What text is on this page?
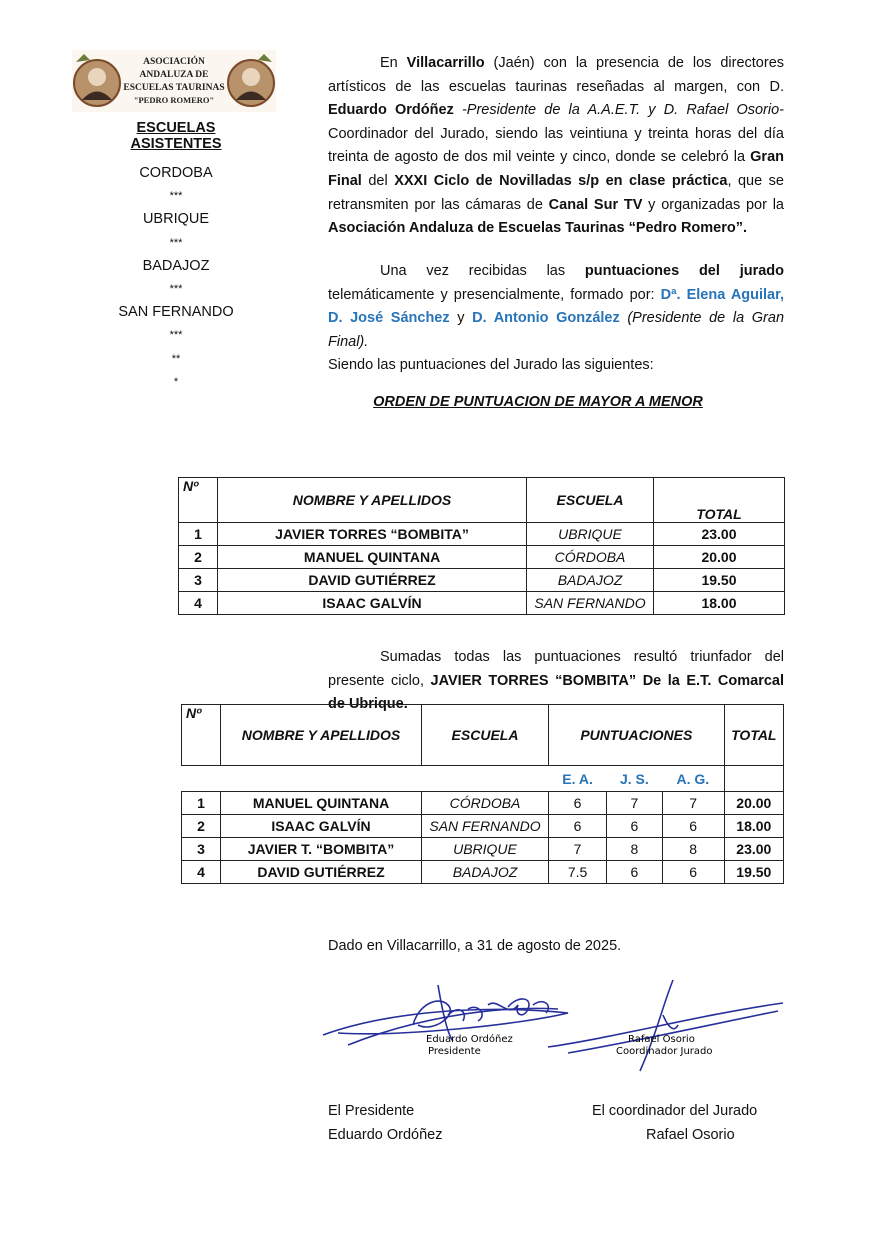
ASOCIACIÓN
ANDALUZA DE
ESCUELAS TAURINAS
"PEDRO ROMERO"
ESCUELAS ASISTENTES
CORDOBA
***
UBRIQUE
***
BADAJOZ
***
SAN FERNANDO
***
**
*
En Villacarrillo (Jaén) con la presencia de los directores artísticos de las escuelas taurinas reseñadas al margen, con D. Eduardo Ordóñez -Presidente de la A.A.E.T. y D. Rafael Osorio- Coordinador del Jurado, siendo las veintiuna y treinta horas del día treinta de agosto de dos mil veinte y cinco, donde se celebró la Gran Final del XXXI Ciclo de Novilladas s/p en clase práctica, que se retransmiten por las cámaras de Canal Sur TV y organizadas por la Asociación Andaluza de Escuelas Taurinas “Pedro Romero”.
Una vez recibidas las puntuaciones del jurado telemáticamente y presencialmente, formado por: Dª. Elena Aguilar, D. José Sánchez y D. Antonio González (Presidente de la Gran Final).
Siendo las puntuaciones del Jurado las siguientes:
ORDEN DE PUNTUACION DE MAYOR A MENOR
Nº	NOMBRE Y APELLIDOS	ESCUELA	TOTAL
1	JAVIER TORRES “BOMBITA”	UBRIQUE	23.00
2	MANUEL QUINTANA	CÓRDOBA	20.00
3	DAVID GUTIÉRREZ	BADAJOZ	19.50
4	ISAAC GALVÍN	SAN FERNANDO	18.00
Sumadas todas las puntuaciones resultó triunfador del presente ciclo, JAVIER TORRES “BOMBITA” De la E.T. Comarcal de Ubrique.
Nº	NOMBRE Y APELLIDOS	ESCUELA	PUNTUACIONES			TOTAL
			E. A.	J. S.	A. G.	
1	MANUEL QUINTANA	CÓRDOBA	6	7	7	20.00
2	ISAAC GALVÍN	SAN FERNANDO	6	6	6	18.00
3	JAVIER T. “BOMBITA”	UBRIQUE	7	8	8	23.00
4	DAVID GUTIÉRREZ	BADAJOZ	7.5	6	6	19.50
Dado en Villacarrillo, a 31 de agosto de 2025.
Eduardo Ordóñez
Presidente
Rafael Osorio
Coordinador Jurado
El Presidente
Eduardo Ordóñez
El coordinador del Jurado
Rafael Osorio
